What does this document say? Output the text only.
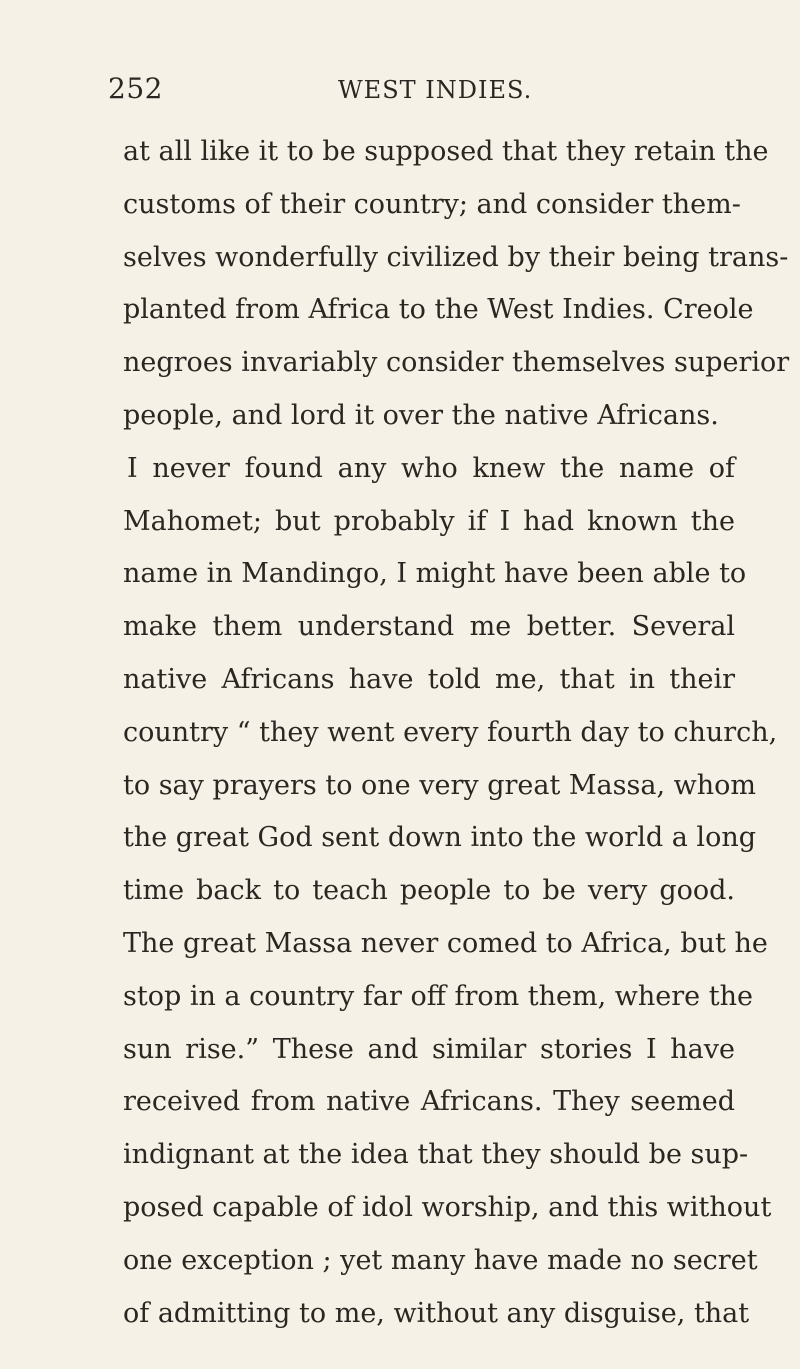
252	WEST INDIES.
at all like it to be supposed that they retain the
customs of their country; and consider them-
selves wonderfully civilized by their being trans-
planted from Africa to the West Indies. Creole
negroes invariably consider themselves superior
people, and lord it over the native Africans.
I never found any who knew the name of
Mahomet; but probably if I had known the
name in Mandingo, I might have been able to
make them understand me better. Several
native Africans have told me, that in their
country “ they went every fourth day to church,
to say prayers to one very great Massa, whom
the great God sent down into the world a long
time back to teach people to be very good.
The great Massa never comed to Africa, but he
stop in a country far off from them, where the
sun rise.” These and similar stories I have
received from native Africans. They seemed
indignant at the idea that they should be sup-
posed capable of idol worship, and this without
one exception ; yet many have made no secret
of admitting to me, without any disguise, that
